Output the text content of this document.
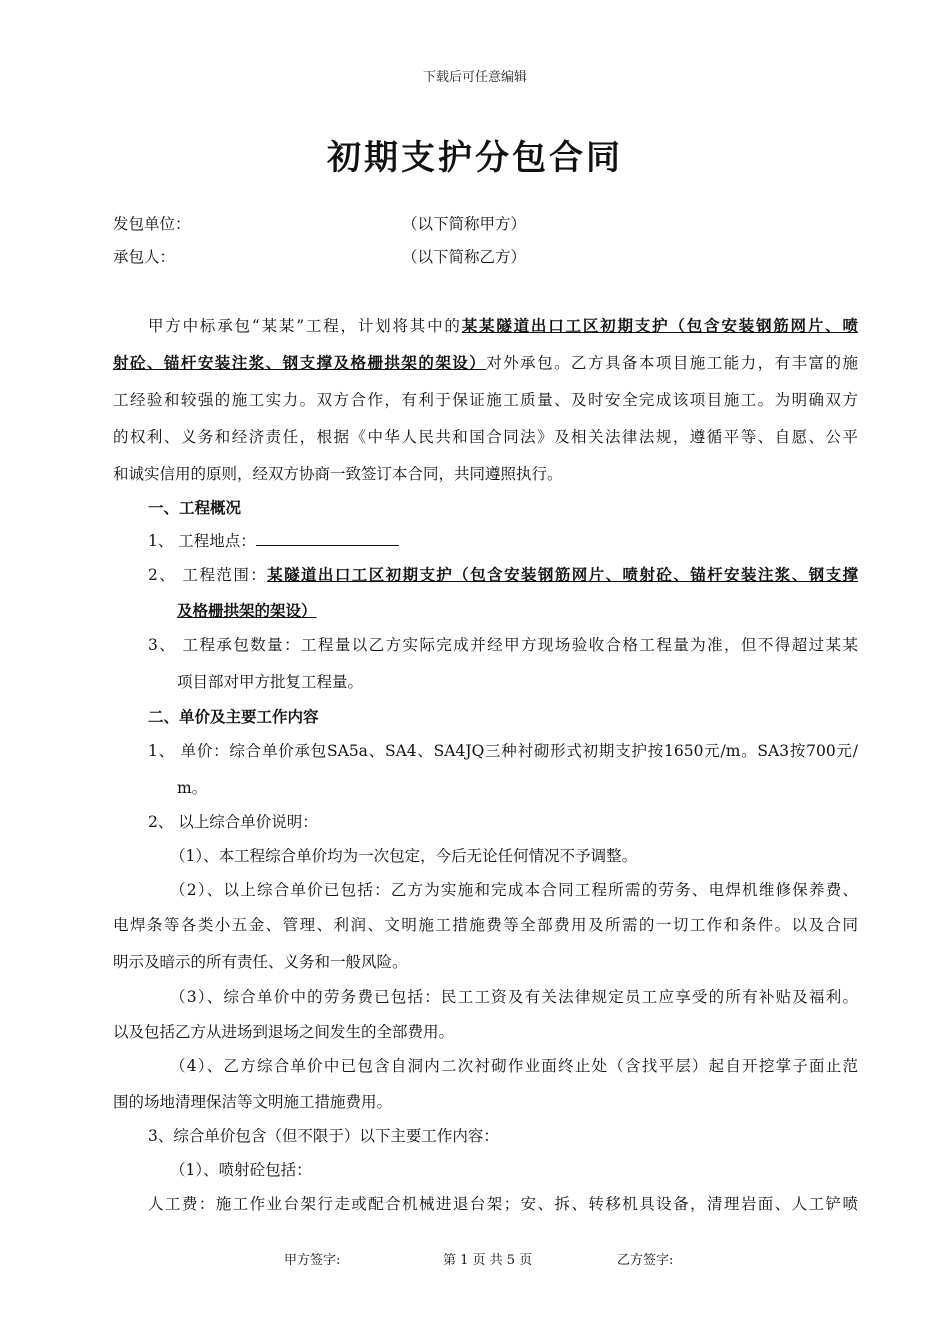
下载后可任意编辑
初期支护分包合同
发包单位：	（以下简称甲方）
承包人：	（以下简称乙方）
甲方中标承包“某某”工程，计划将其中的某某隧道出口工区初期支护（包含安装钢筋网片、喷
射砼、锚杆安装注浆、钢支撑及格栅拱架的架设）对外承包。乙方具备本项目施工能力，有丰富的施
工经验和较强的施工实力。双方合作，有利于保证施工质量、及时安全完成该项目施工。为明确双方
的权利、义务和经济责任，根据《中华人民共和国合同法》及相关法律法规，遵循平等、自愿、公平
和诚实信用的原则，经双方协商一致签订本合同，共同遵照执行。
一、工程概况
1、 工程地点：
2、 工程范围：某隧道出口工区初期支护（包含安装钢筋网片、喷射砼、锚杆安装注浆、钢支撑
及格栅拱架的架设）
3、 工程承包数量：工程量以乙方实际完成并经甲方现场验收合格工程量为准，但不得超过某某
项目部对甲方批复工程量。
二、单价及主要工作内容
1、 单价：综合单价承包SA5a、SA4、SA4JQ三种衬砌形式初期支护按1650元/m。SA3按700元/
m。
2、 以上综合单价说明：
（1）、本工程综合单价均为一次包定，今后无论任何情况不予调整。
（2）、以上综合单价已包括：乙方为实施和完成本合同工程所需的劳务、电焊机维修保养费、
电焊条等各类小五金、管理、利润、文明施工措施费等全部费用及所需的一切工作和条件。以及合同
明示及暗示的所有责任、义务和一般风险。
（3）、综合单价中的劳务费已包括：民工工资及有关法律规定员工应享受的所有补贴及福利。
以及包括乙方从进场到退场之间发生的全部费用。
（4）、乙方综合单价中已包含自洞内二次衬砌作业面终止处（含找平层）起自开挖掌子面止范
围的场地清理保洁等文明施工措施费用。
3、综合单价包含（但不限于）以下主要工作内容：
（1）、喷射砼包括：
人工费：施工作业台架行走或配合机械进退台架；安、拆、转移机具设备，清理岩面、人工铲喷
甲方签字:	第 1 页 共 5 页	乙方签字:
